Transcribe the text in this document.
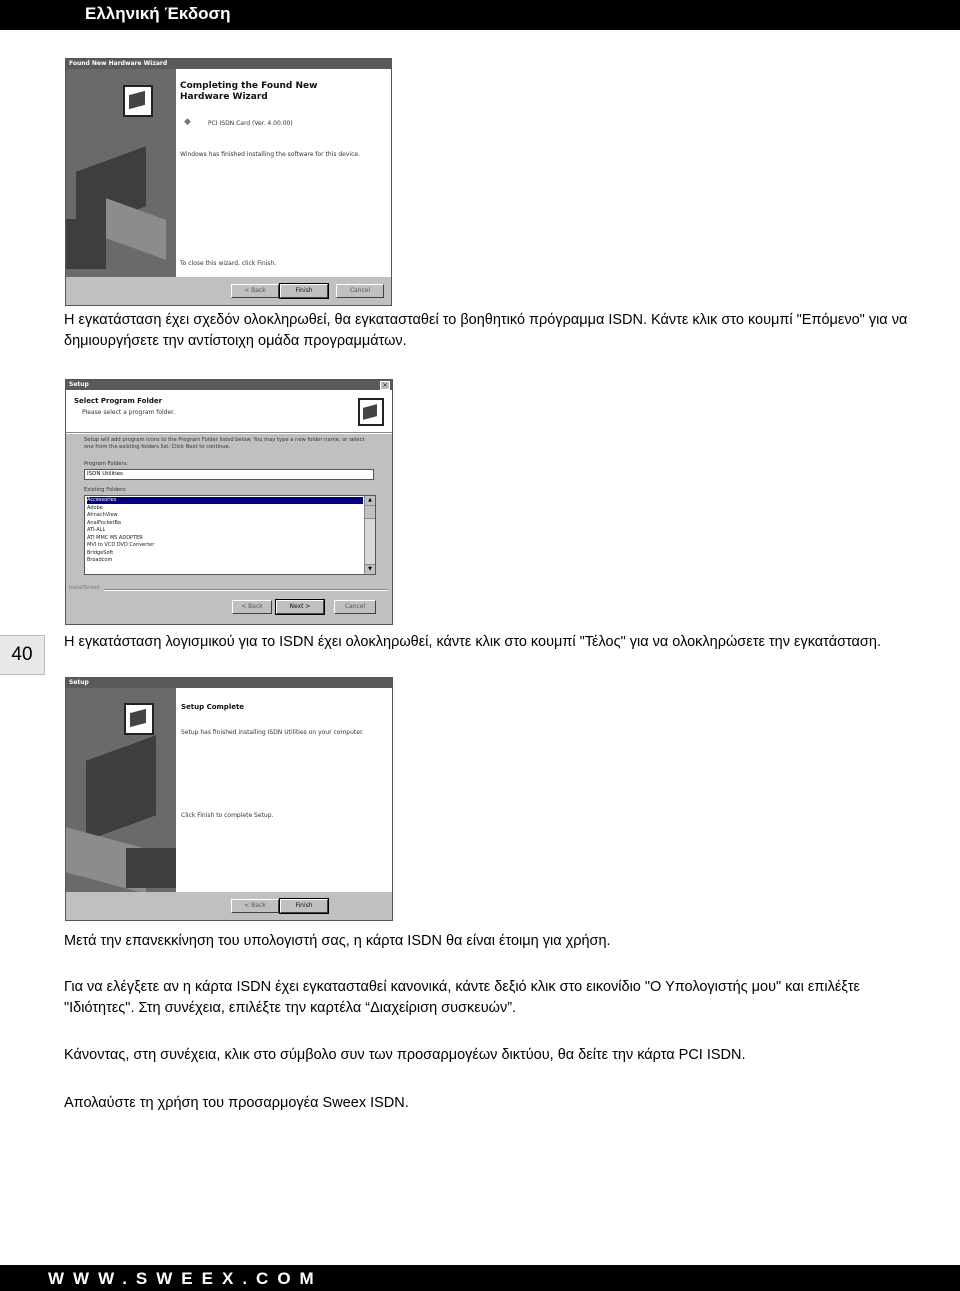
Ελληνική Έκδοση
Found New Hardware Wizard
Completing the Found New Hardware Wizard
◆	PCI ISDN Card (Ver. 4.00.00)
Windows has finished installing the software for this device.
To close this wizard, click Finish.
< Back	Finish	Cancel
Η εγκατάσταση έχει σχεδόν ολοκληρωθεί, θα εγκατασταθεί το βοηθητικό πρόγραμμα ISDN. Κάντε κλικ στο κουμπί "Επόμενο" για να δημιουργήσετε την αντίστοιχη ομάδα προγραμμάτων.
Setup	×
Select Program Folder
Please select a program folder.
Setup will add program icons to the Program Folder listed below. You may type a new folder name, or select one from the existing folders list. Click Next to continue.
Program Folders:
ISDN Utilities
Existing Folders:
Accessories
Adobe
AhnachView
AnalPocketBa
ATI-ALL
ATI MMC MS ADDPTER
MVI to VCD DVD Converter
BridgeSoft
Broadcom
▲
▼
InstallShield
< Back	Next >	Cancel
40
Η εγκατάσταση λογισμικού για το ISDN έχει ολοκληρωθεί, κάντε κλικ στο κουμπί "Τέλος" για να ολοκληρώσετε την εγκατάσταση.
Setup
Setup Complete
Setup has finished installing ISDN Utilities on your computer.
Click Finish to complete Setup.
< Back	Finish
Μετά την επανεκκίνηση του υπολογιστή σας, η κάρτα ISDN θα είναι έτοιμη για χρήση.
Για να ελέγξετε αν η κάρτα ISDN έχει εγκατασταθεί κανονικά, κάντε δεξιό κλικ στο εικονίδιο "Ο Υπολογιστής μου" και επιλέξτε "Ιδιότητες". Στη συνέχεια, επιλέξτε την καρτέλα “Διαχείριση συσκευών”.
Κάνοντας, στη συνέχεια, κλικ στο σύμβολο συν των προσαρμογέων δικτύου, θα δείτε την κάρτα PCI ISDN.
Απολαύστε τη χρήση του προσαρμογέα Sweex ISDN.
WWW.SWEEX.COM
